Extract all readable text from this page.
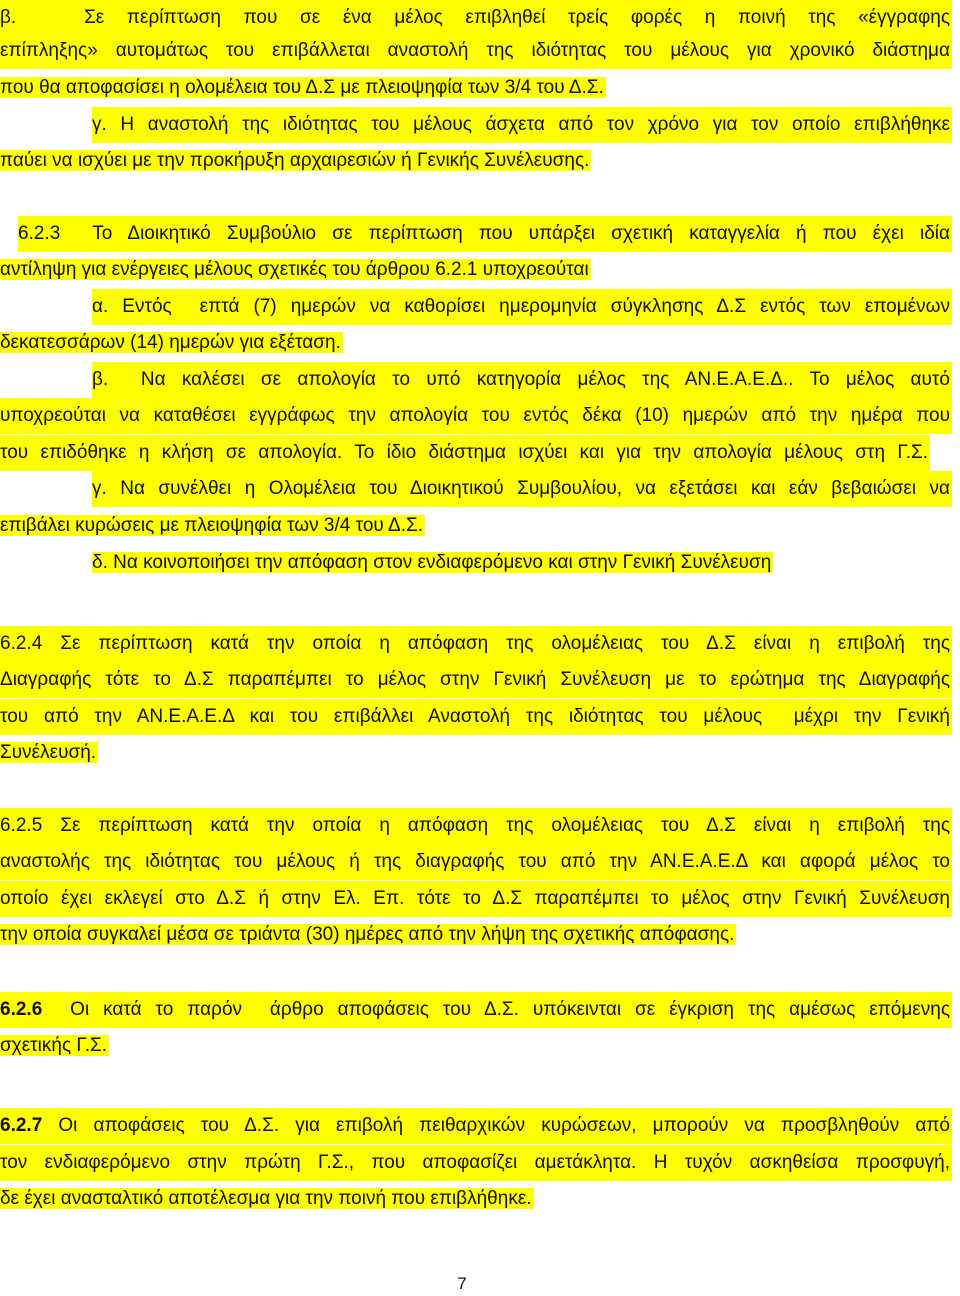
β.   Σε περίπτωση που σε ένα μέλος επιβληθεί τρείς φορές η ποινή της «έγγραφης
επίπληξης» αυτομάτως του επιβάλλεται αναστολή της ιδιότητας του μέλους για χρονικό διάστημα
που θα αποφασίσει η ολομέλεια του Δ.Σ με πλειοψηφία των 3/4 του Δ.Σ.
γ. Η αναστολή της ιδιότητας του μέλους άσχετα από τον χρόνο για τον οποίο επιβλήθηκε
παύει να ισχύει με την προκήρυξη αρχαιρεσιών ή Γενικής Συνέλευσης.
6.2.3  Το Διοικητικό Συμβούλιο σε περίπτωση που υπάρξει σχετική καταγγελία ή που έχει ιδία
αντίληψη για ενέργειες μέλους σχετικές του άρθρου 6.2.1 υποχρεούται
α. Εντός  επτά (7) ημερών να καθορίσει ημερομηνία σύγκλησης Δ.Σ εντός των επομένων
δεκατεσσάρων (14) ημερών για εξέταση.
β.  Να καλέσει σε απολογία το υπό κατηγορία μέλος της ΑΝ.Ε.Α.Ε.Δ.. Το μέλος αυτό
υποχρεούται να καταθέσει εγγράφως την απολογία του εντός δέκα (10) ημερών από την ημέρα που
του επιδόθηκε η κλήση σε απολογία. Το ίδιο διάστημα ισχύει και για την απολογία μέλους στη Γ.Σ.
γ. Να συνέλθει η Ολομέλεια του Διοικητικού Συμβουλίου, να εξετάσει και εάν βεβαιώσει να
επιβάλει κυρώσεις με πλειοψηφία των 3/4 του Δ.Σ.
δ. Να κοινοποιήσει την απόφαση στον ενδιαφερόμενο και στην Γενική Συνέλευση
6.2.4 Σε περίπτωση κατά την οποία η απόφαση της ολομέλειας του Δ.Σ είναι η επιβολή της
Διαγραφής τότε το Δ.Σ παραπέμπει το μέλος στην Γενική Συνέλευση με το ερώτημα της Διαγραφής
του από την ΑΝ.Ε.Α.Ε.Δ και του επιβάλλει Αναστολή της ιδιότητας του μέλους  μέχρι την Γενική
Συνέλευσή.
6.2.5 Σε περίπτωση κατά την οποία η απόφαση της ολομέλειας του Δ.Σ είναι η επιβολή της
αναστολής της ιδιότητας του μέλους ή της διαγραφής του από την ΑΝ.Ε.Α.Ε.Δ και αφορά μέλος το
οποίο έχει εκλεγεί στο Δ.Σ ή στην Ελ. Επ. τότε το Δ.Σ παραπέμπει το μέλος στην Γενική Συνέλευση
την οποία συγκαλεί μέσα σε τριάντα (30) ημέρες από την λήψη της σχετικής απόφασης.
6.2.6  Οι κατά το παρόν  άρθρο αποφάσεις του Δ.Σ. υπόκεινται σε έγκριση της αμέσως επόμενης
σχετικής Γ.Σ.
6.2.7 Οι αποφάσεις του Δ.Σ. για επιβολή πειθαρχικών κυρώσεων, μπορούν να προσβληθούν από
τον ενδιαφερόμενο στην πρώτη Γ.Σ., που αποφασίζει αμετάκλητα. Η τυχόν ασκηθείσα προσφυγή,
δε έχει ανασταλτικό αποτέλεσμα για την ποινή που επιβλήθηκε.
7
